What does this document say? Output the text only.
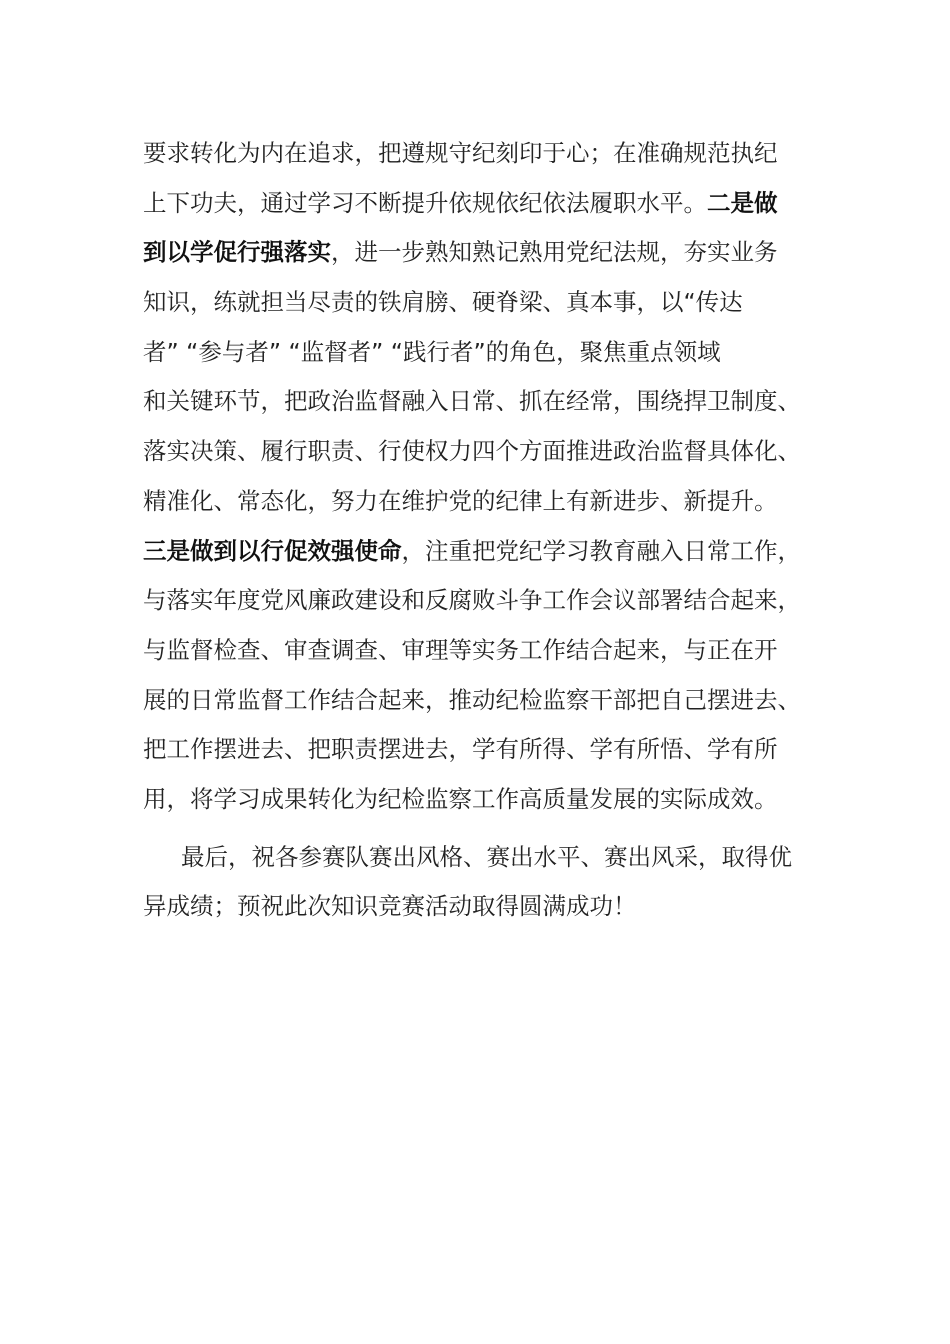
要求转化为内在追求，把遵规守纪刻印于心；在准确规范执纪
上下功夫，通过学习不断提升依规依纪依法履职水平。二是做
到以学促行强落实，进一步熟知熟记熟用党纪法规，夯实业务
知识，练就担当尽责的铁肩膀、硬脊梁、真本事，以“传达
者” “参与者” “监督者” “践行者”的角色，聚焦重点领域
和关键环节，把政治监督融入日常、抓在经常，围绕捍卫制度、
落实决策、履行职责、行使权力四个方面推进政治监督具体化、
精准化、常态化，努力在维护党的纪律上有新进步、新提升。
三是做到以行促效强使命，注重把党纪学习教育融入日常工作，
与落实年度党风廉政建设和反腐败斗争工作会议部署结合起来，
与监督检查、审查调查、审理等实务工作结合起来，与正在开
展的日常监督工作结合起来，推动纪检监察干部把自己摆进去、
把工作摆进去、把职责摆进去，学有所得、学有所悟、学有所
用，将学习成果转化为纪检监察工作高质量发展的实际成效。
最后，祝各参赛队赛出风格、赛出水平、赛出风采，取得优
异成绩；预祝此次知识竞赛活动取得圆满成功！
